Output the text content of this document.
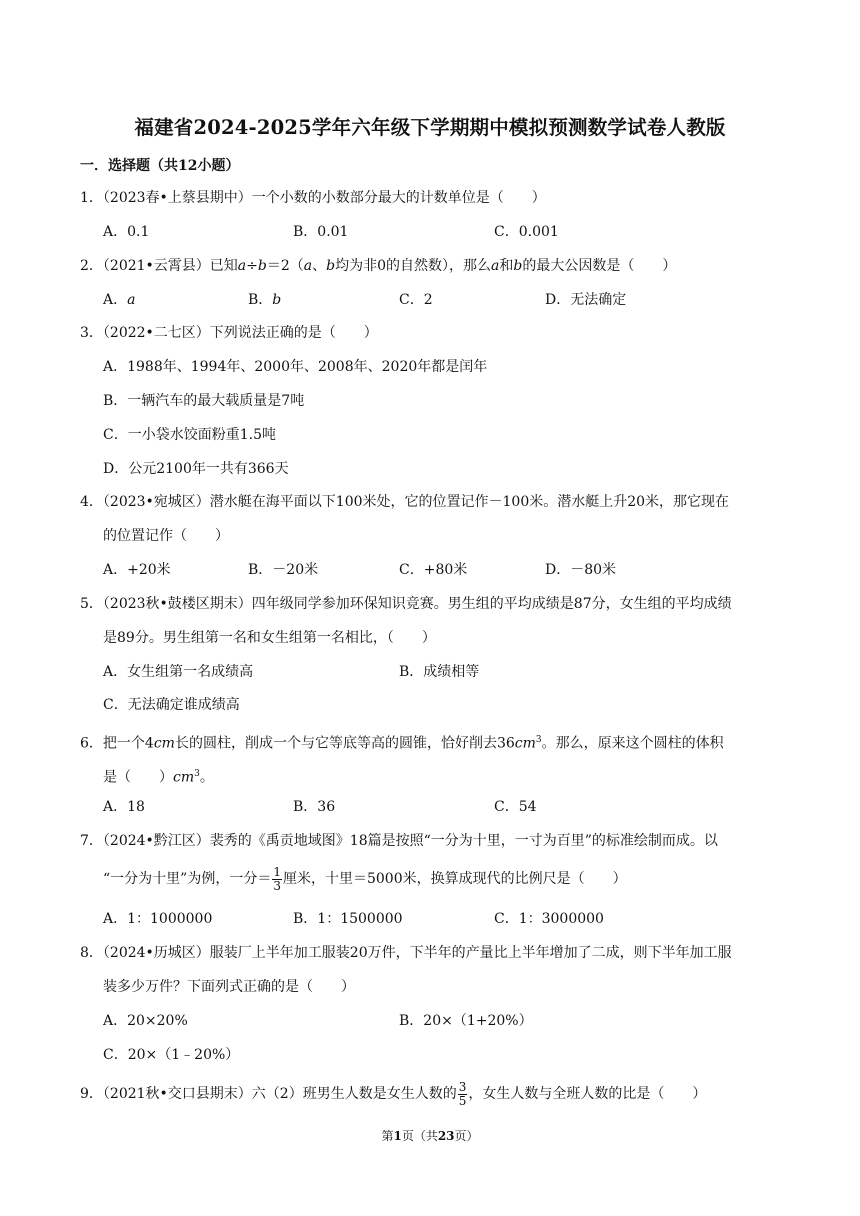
福建省2024-2025学年六年级下学期期中模拟预测数学试卷人教版
一．选择题（共12小题）
1．（2023春•上蔡县期中）一个小数的小数部分最大的计数单位是（　　）
A．0.1	B．0.01	C．0.001
2．（2021•云霄县）已知a÷b＝2（a、b均为非0的自然数），那么a和b的最大公因数是（　　）
A．a	B．b	C．2	D．无法确定
3．（2022•二七区）下列说法正确的是（　　）
A．1988年、1994年、2000年、2008年、2020年都是闰年
B．一辆汽车的最大载质量是7吨
C．一小袋水饺面粉重1.5吨
D．公元2100年一共有366天
4．（2023•宛城区）潜水艇在海平面以下100米处，它的位置记作－100米。潜水艇上升20米，那它现在
的位置记作（　　）
A．+20米	B．－20米	C．+80米	D．－80米
5．（2023秋•鼓楼区期末）四年级同学参加环保知识竞赛。男生组的平均成绩是87分，女生组的平均成绩
是89分。男生组第一名和女生组第一名相比，（　　）
A．女生组第一名成绩高	B．成绩相等
C．无法确定谁成绩高
6．把一个4cm长的圆柱，削成一个与它等底等高的圆锥，恰好削去$36cm^3$。那么，原来这个圆柱的体积
是（　　）$cm^3$。
A．18	B．36	C．54
7．（2024•黔江区）裴秀的《禹贡地域图》18篇是按照“一分为十里，一寸为百里”的标准绘制而成。以
“一分为十里”为例，一分＝ $\frac{1}{3}$ 厘米，十里＝5000米，换算成现代的比例尺是（　　）
A．1：1000000	B．1：1500000	C．1：3000000
8．（2024•历城区）服装厂上半年加工服装20万件，下半年的产量比上半年增加了二成，则下半年加工服
装多少万件？下面列式正确的是（　　）
A．20×20%	B．20×（1+20%）
C．20×（1﹣20%）
9．（2021秋•交口县期末）六（2）班男生人数是女生人数的 $\frac{3}{5}$ ，女生人数与全班人数的比是（　　）
第1页（共23页）
